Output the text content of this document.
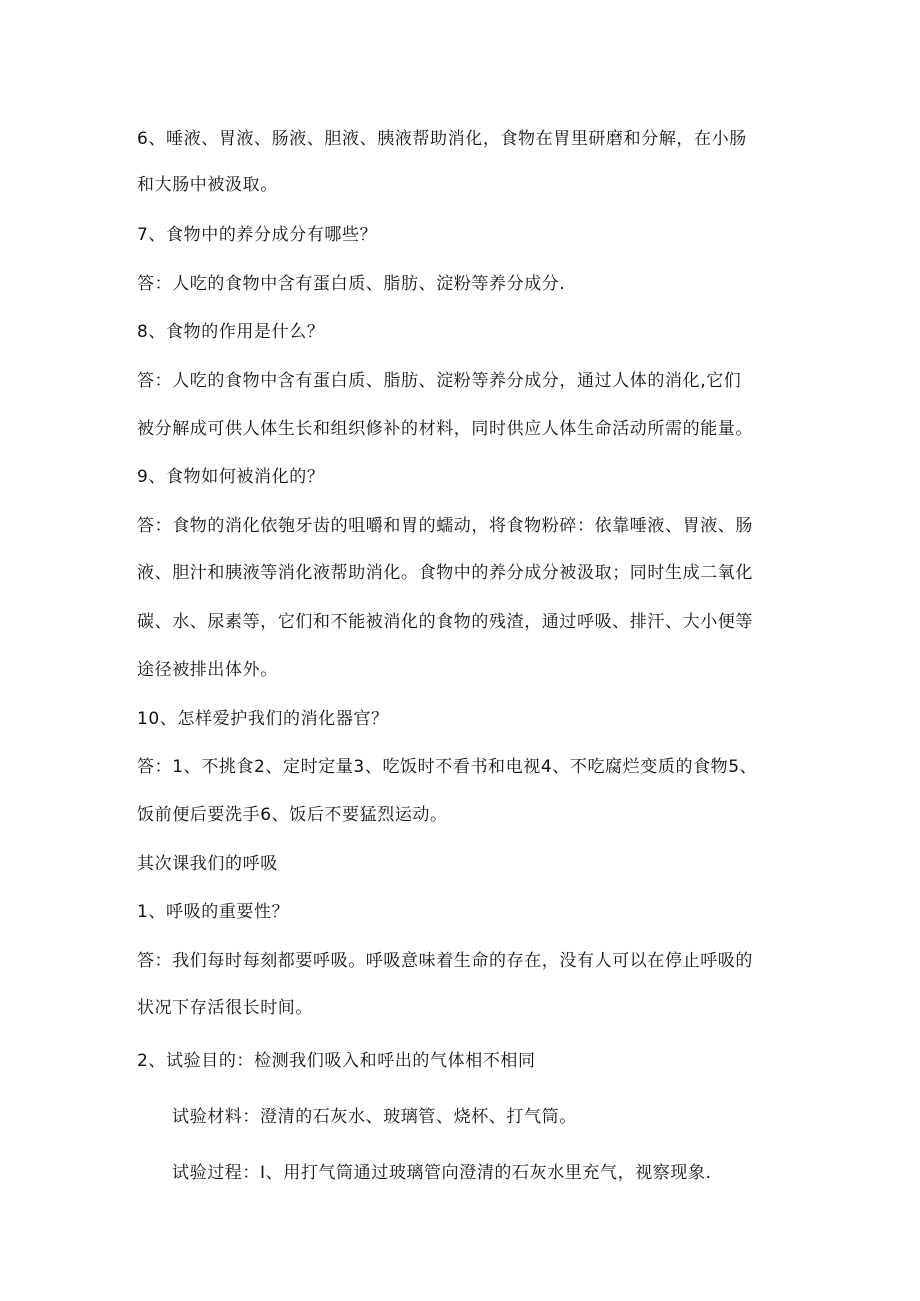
6、唾液、胃液、肠液、胆液、胰液帮助消化，食物在胃里研磨和分解，在小肠
和大肠中被汲取。
7、食物中的养分成分有哪些？
答：人吃的食物中含有蛋白质、脂肪、淀粉等养分成分.
8、食物的作用是什么？
答：人吃的食物中含有蛋白质、脂肪、淀粉等养分成分，通过人体的消化,它们
被分解成可供人体生长和组织修补的材料，同时供应人体生命活动所需的能量。
9、食物如何被消化的？
答：食物的消化依匏牙齿的咀嚼和胃的蠕动，将食物粉碎：依靠唾液、胃液、肠
液、胆汁和胰液等消化液帮助消化。食物中的养分成分被汲取；同时生成二氧化
碳、水、尿素等，它们和不能被消化的食物的残渣，通过呼吸、排汗、大小便等
途径被排出体外。
10、怎样爱护我们的消化器官？
答：1、不挑食2、定时定量3、吃饭时不看书和电视4、不吃腐烂变质的食物5、
饭前便后要洗手6、饭后不要猛烈运动。
其次课我们的呼吸
1、呼吸的重要性？
答：我们每时每刻都要呼吸。呼吸意味着生命的存在，没有人可以在停止呼吸的
状况下存活很长时间。
2、试验目的：检测我们吸入和呼出的气体相不相同
试验材料：澄清的石灰水、玻璃管、烧杯、打气筒。
试验过程：I、用打气筒通过玻璃管向澄清的石灰水里充气，视察现象.
